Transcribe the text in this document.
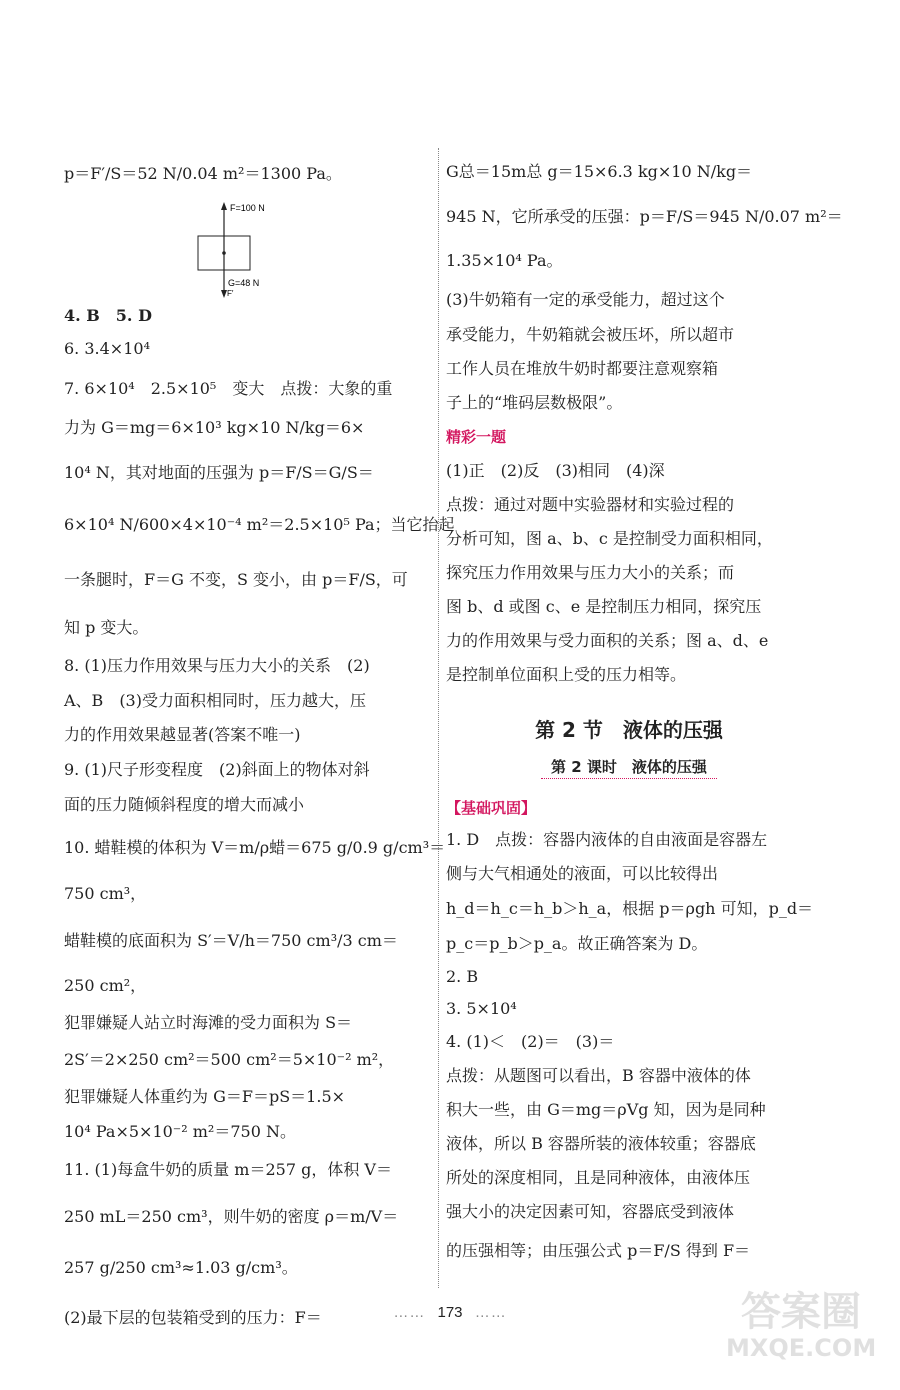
p＝F′/S＝52 N/0.04 m²＝1300 Pa。

F=100 N
G=48 N
F′

4. B　5. D

6. 3.4×10⁴

7. 6×10⁴　2.5×10⁵　变大　点拨：大象的重

力为 G＝mg＝6×10³ kg×10 N/kg＝6×

10⁴ N，其对地面的压强为 p＝F/S＝G/S＝

6×10⁴ N/600×4×10⁻⁴ m²＝2.5×10⁵ Pa；当它抬起

一条腿时，F＝G 不变，S 变小，由 p＝F/S，可

知 p 变大。

8. (1)压力作用效果与压力大小的关系　(2)

A、B　(3)受力面积相同时，压力越大，压

力的作用效果越显著(答案不唯一)

9. (1)尺子形变程度　(2)斜面上的物体对斜

面的压力随倾斜程度的增大而减小

10. 蜡鞋模的体积为 V＝m/ρ蜡＝675 g/0.9 g/cm³＝

750 cm³，

蜡鞋模的底面积为 S′＝V/h＝750 cm³/3 cm＝

250 cm²，

犯罪嫌疑人站立时海滩的受力面积为 S＝

2S′＝2×250 cm²＝500 cm²＝5×10⁻² m²，

犯罪嫌疑人体重约为 G＝F＝pS＝1.5×

10⁴ Pa×5×10⁻² m²＝750 N。

11. (1)每盒牛奶的质量 m＝257 g，体积 V＝

250 mL＝250 cm³，则牛奶的密度 ρ＝m/V＝

257 g/250 cm³≈1.03 g/cm³。

(2)最下层的包装箱受到的压力：F＝

G总＝15m总 g＝15×6.3 kg×10 N/kg＝

945 N，它所承受的压强：p＝F/S＝945 N/0.07 m²＝

1.35×10⁴ Pa。

(3)牛奶箱有一定的承受能力，超过这个

承受能力，牛奶箱就会被压坏，所以超市

工作人员在堆放牛奶时都要注意观察箱

子上的“堆码层数极限”。

精彩一题

(1)正　(2)反　(3)相同　(4)深

点拨：通过对题中实验器材和实验过程的

分析可知，图 a、b、c 是控制受力面积相同，

探究压力作用效果与压力大小的关系；而

图 b、d 或图 c、e 是控制压力相同，探究压

力的作用效果与受力面积的关系；图 a、d、e

是控制单位面积上受的压力相等。

第 2 节　液体的压强
第 2 课时　液体的压强

【基础巩固】

1. D　点拨：容器内液体的自由液面是容器左

侧与大气相通处的液面，可以比较得出

h_d＝h_c＝h_b＞h_a，根据 p＝ρgh 可知，p_d＝

p_c＝p_b＞p_a。故正确答案为 D。

2. B

3. 5×10⁴

4. (1)＜　(2)＝　(3)＝

点拨：从题图可以看出，B 容器中液体的体

积大一些，由 G＝mg＝ρVg 知，因为是同种

液体，所以 B 容器所装的液体较重；容器底

所处的深度相同，且是同种液体，由液体压

强大小的决定因素可知，容器底受到液体

的压强相等；由压强公式 p＝F/S 得到 F＝

…… 173 ……	答案圈
MXQE.COM
